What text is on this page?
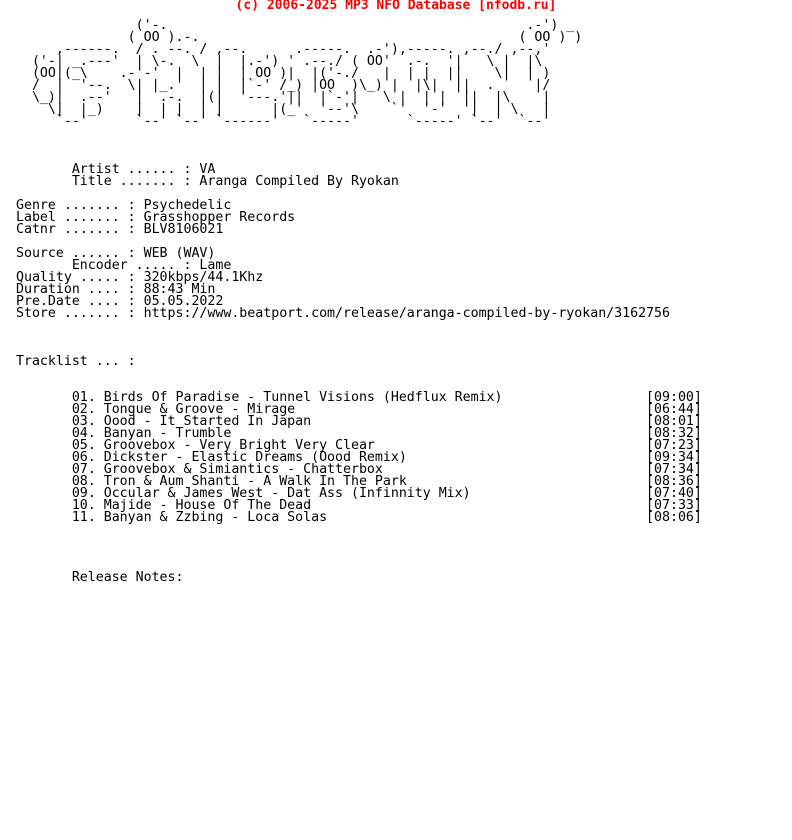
(c) 2006-2025 MP3 NFO Database [nfodb.ru]
('-.                                             .-') _
( OO ).-.                                        ( OO ) )
,------.  / . --. / ,--.      .-----.  .-'),-----. ,--./ ,--,'
('-| _.---'  | \-.  \  |  |.-') ' .--./ ( OO'  .-.  '|   \ |  |\
(OO|(_\    .-'-'  |  | |  | OO )|  |('-./   |  | |  ||    \|  | )
/  |  '--.  \| |_.'  | |  |`-' /_) |OO  )\_) |  |\|  ||  .     |/
\_)|  .--'   |  .-.  |(|  '---.'||  |`-'|   \ |  | |  ||  |\    |
\|  |_)    |  | |  | |      |(_'  '--'\    `'  '-'  '|  | \   |
`--'      `--' `--' `------'   `-----'      `-----' `--'  `--'

Artist ...... : VA
Title ....... : Aranga Compiled By Ryokan

Genre ....... : Psychedelic
Label ....... : Grasshopper Records
Catnr ....... : BLV8106021

Source ...... : WEB (WAV)
Encoder ..... : Lame
Quality ..... : 320kbps/44.1Khz
Duration .... : 88:43 Min
Pre.Date .... : 05.05.2022
Store ....... : https://www.beatport.com/release/aranga-compiled-by-ryokan/3162756

Tracklist ... :

01. Birds Of Paradise - Tunnel Visions (Hedflux Remix)                  [09:00]
02. Tongue & Groove - Mirage                                            [06:44]
03. Oood - It Started In Japan                                          [08:01]
04. Banyan - Trumble                                                    [08:32]
05. Groovebox - Very Bright Very Clear                                  [07:23]
06. Dickster - Elastic Dreams (Oood Remix)                              [09:34]
07. Groovebox & Simiantics - Chatterbox                                 [07:34]
08. Tron & Aum Shanti - A Walk In The Park                              [08:36]
09. Occular & James West - Dat Ass (Infinnity Mix)                      [07:40]
10. Majide - House Of The Dead                                          [07:33]
11. Banyan & Zzbing - Loca Solas                                        [08:06]

Release Notes:
